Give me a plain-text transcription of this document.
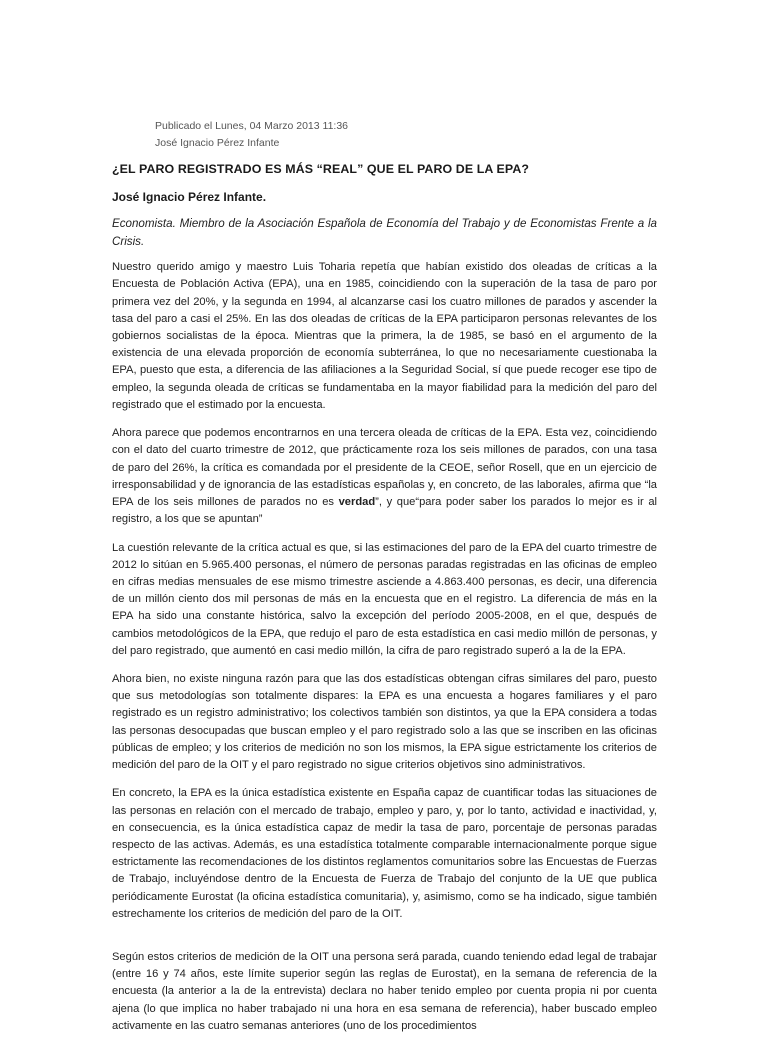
Publicado el Lunes, 04 Marzo 2013 11:36
José Ignacio Pérez Infante
¿EL PARO REGISTRADO ES MÁS “REAL” QUE EL PARO DE LA EPA?
José Ignacio Pérez Infante.
Economista. Miembro de la Asociación Española de Economía del Trabajo y de Economistas Frente a la Crisis.

Nuestro querido amigo y maestro Luis Toharia repetía que habían existido dos oleadas de críticas a la Encuesta de Población Activa (EPA), una en 1985, coincidiendo con la superación de la tasa de paro por primera vez del 20%, y la segunda en 1994, al alcanzarse casi los cuatro millones de parados y ascender la tasa del paro a casi el 25%. En las dos oleadas de críticas de la EPA participaron personas relevantes de los gobiernos socialistas de la época. Mientras que la primera, la de 1985, se basó en el argumento de la existencia de una elevada proporción de economía subterránea, lo que no necesariamente cuestionaba la EPA, puesto que esta, a diferencia de las afiliaciones a la Seguridad Social, sí que puede recoger ese tipo de empleo, la segunda oleada de críticas se fundamentaba en la mayor fiabilidad para la medición del paro del registrado que el estimado por la encuesta.

Ahora parece que podemos encontrarnos en una tercera oleada de críticas de la EPA. Esta vez, coincidiendo con el dato del cuarto trimestre de 2012, que prácticamente roza los seis millones de parados, con una tasa de paro del 26%, la crítica es comandada por el presidente de la CEOE, señor Rosell, que en un ejercicio de irresponsabilidad y de ignorancia de las estadísticas españolas y, en concreto, de las laborales, afirma que “la EPA de los seis millones de parados no es verdad”, y que“para poder saber los parados lo mejor es ir al registro, a los que se apuntan”

La cuestión relevante de la crítica actual es que, si las estimaciones del paro de la EPA del cuarto trimestre de 2012 lo sitúan en 5.965.400 personas, el número de personas paradas registradas en las oficinas de empleo en cifras medias mensuales de ese mismo trimestre asciende a 4.863.400 personas, es decir, una diferencia de un millón ciento dos mil personas de más en la encuesta que en el registro. La diferencia de más en la EPA ha sido una constante histórica, salvo la excepción del período 2005-2008, en el que, después de cambios metodológicos de la EPA, que redujo el paro de esta estadística en casi medio millón de personas, y del paro registrado, que aumentó en casi medio millón, la cifra de paro registrado superó a la de la EPA.

Ahora bien, no existe ninguna razón para que las dos estadísticas obtengan cifras similares del paro, puesto que sus metodologías son totalmente dispares: la EPA es una encuesta a hogares familiares y el paro registrado es un registro administrativo; los colectivos también son distintos, ya que la EPA considera a todas las personas desocupadas que buscan empleo y el paro registrado solo a las que se inscriben en las oficinas públicas de empleo; y los criterios de medición no son los mismos, la EPA sigue estrictamente los criterios de medición del paro de la OIT y el paro registrado no sigue criterios objetivos sino administrativos.

En concreto, la EPA es la única estadística existente en España capaz de cuantificar todas las situaciones de las personas en relación con el mercado de trabajo, empleo y paro, y, por lo tanto, actividad e inactividad, y, en consecuencia, es la única estadística capaz de medir la tasa de paro, porcentaje de personas paradas respecto de las activas. Además, es una estadística totalmente comparable internacionalmente porque sigue estrictamente las recomendaciones de los distintos reglamentos comunitarios sobre las Encuestas de Fuerzas de Trabajo, incluyéndose dentro de la Encuesta de Fuerza de Trabajo del conjunto de la UE que publica periódicamente Eurostat (la oficina estadística comunitaria), y, asimismo, como se ha indicado, sigue también estrechamente los criterios de medición del paro de la OIT.

Según estos criterios de medición de la OIT una persona será parada, cuando teniendo edad legal de trabajar (entre 16 y 74 años, este límite superior según las reglas de Eurostat), en la semana de referencia de la encuesta (la anterior a la de la entrevista) declara no haber tenido empleo por cuenta propia ni por cuenta ajena (lo que implica no haber trabajado ni una hora en esa semana de referencia), haber buscado empleo activamente en las cuatro semanas anteriores (uno de los procedimientos
